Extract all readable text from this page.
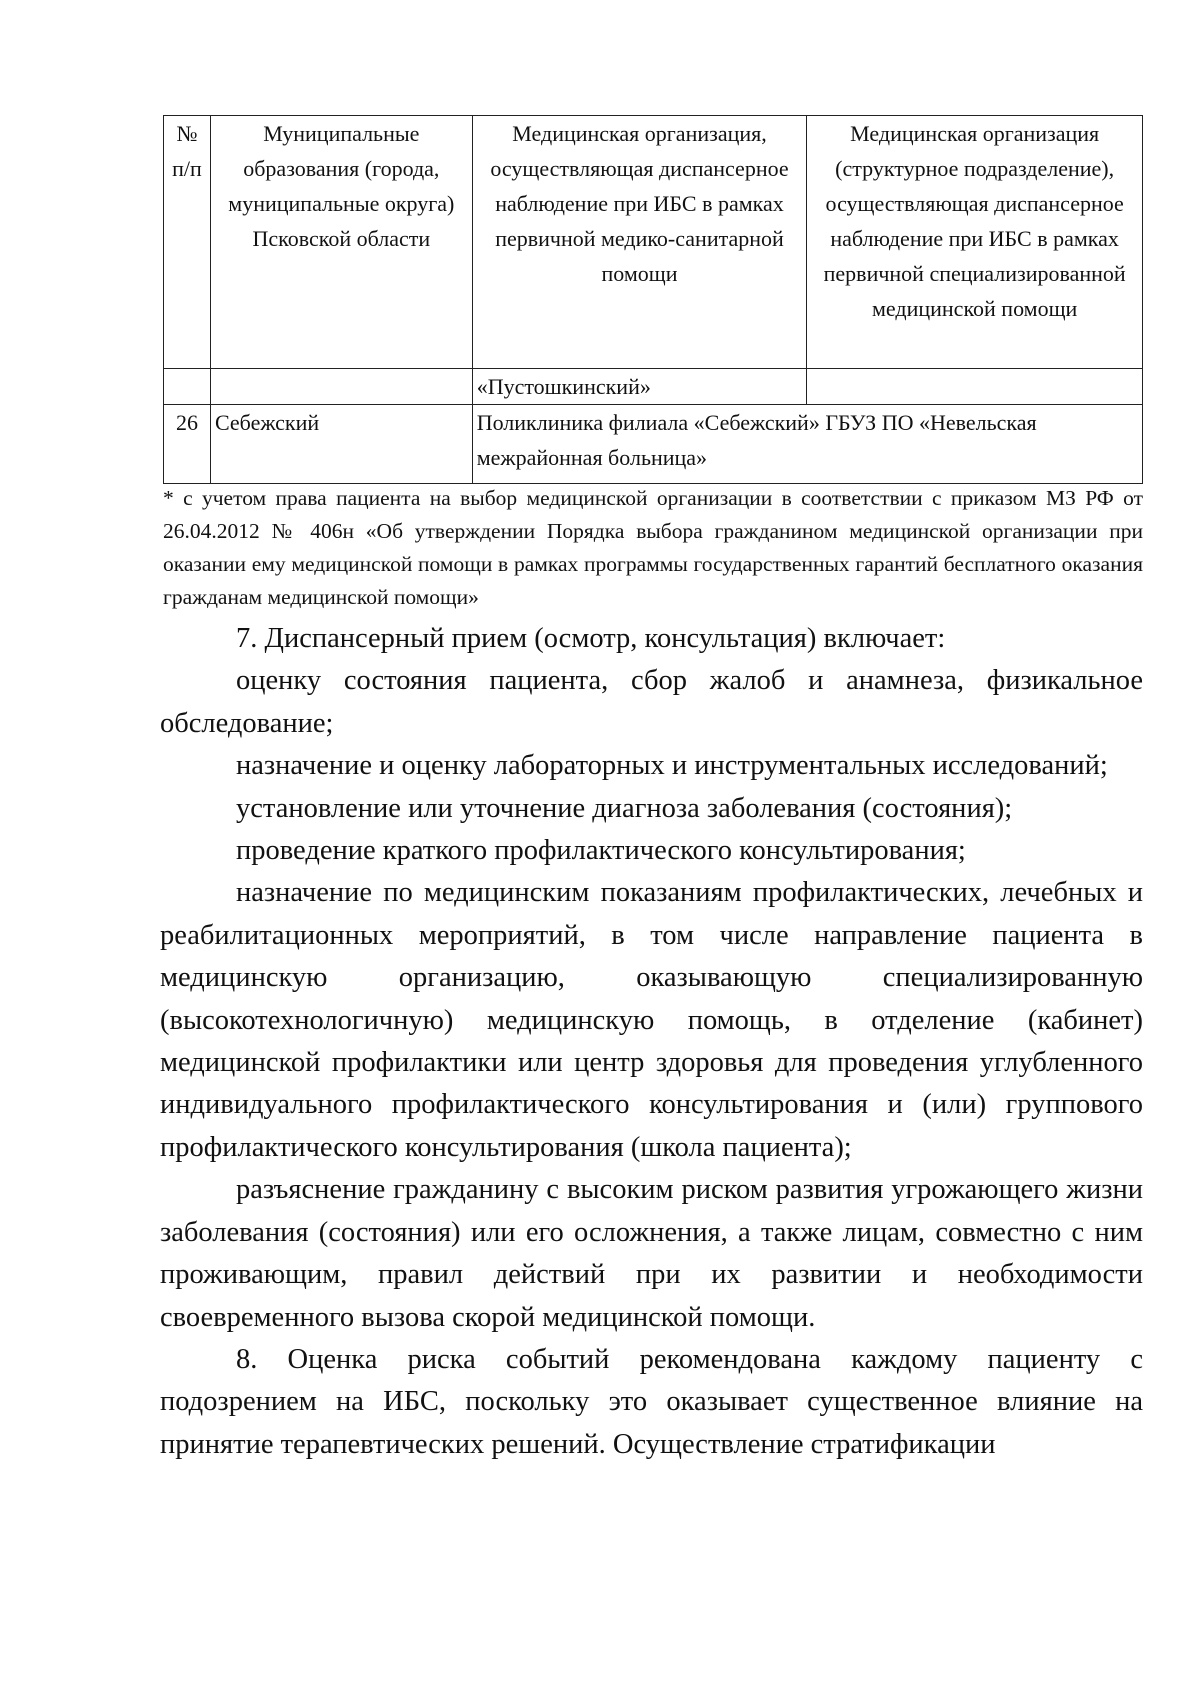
№ п/п	Муниципальные образования (города, муниципальные округа) Псковской области	Медицинская организация, осуществляющая диспансерное наблюдение при ИБС в рамках первичной медико-санитарной помощи	Медицинская организация (структурное подразделение), осуществляющая диспансерное наблюдение при ИБС в рамках первичной специализированной медицинской помощи

		«Пустошкинский»	
26	Себежский	Поликлиника филиала «Себежский» ГБУЗ ПО «Невельская межрайонная больница»	
* с учетом права пациента на выбор медицинской организации в соответствии с приказом МЗ РФ от 26.04.2012 № 406н «Об утверждении Порядка выбора гражданином медицинской организации при оказании ему медицинской помощи в рамках программы государственных гарантий бесплатного оказания гражданам медицинской помощи»

7. Диспансерный прием (осмотр, консультация) включает:

оценку состояния пациента, сбор жалоб и анамнеза, физикальное обследование;

назначение и оценку лабораторных и инструментальных исследований;

установление или уточнение диагноза заболевания (состояния);

проведение краткого профилактического консультирования;

назначение по медицинским показаниям профилактических, лечебных и реабилитационных мероприятий, в том числе направление пациента в медицинскую организацию, оказывающую специализированную (высокотехнологичную) медицинскую помощь, в отделение (кабинет) медицинской профилактики или центр здоровья для проведения углубленного индивидуального профилактического консультирования и (или) группового профилактического консультирования (школа пациента);

разъяснение гражданину с высоким риском развития угрожающего жизни заболевания (состояния) или его осложнения, а также лицам, совместно с ним проживающим, правил действий при их развитии и необходимости своевременного вызова скорой медицинской помощи.

8. Оценка риска событий рекомендована каждому пациенту с подозрением на ИБС, поскольку это оказывает существенное влияние на принятие терапевтических решений. Осуществление стратификации
